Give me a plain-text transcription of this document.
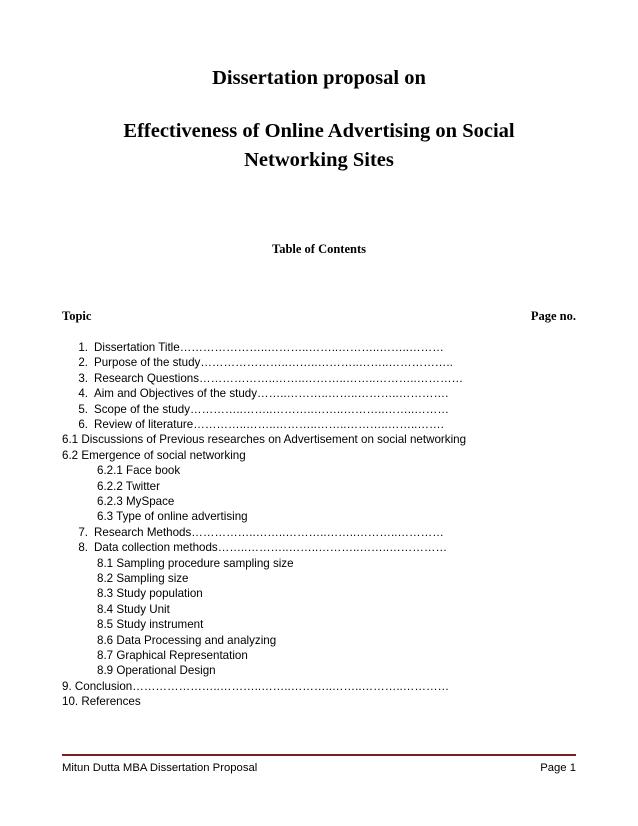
Dissertation proposal on
Effectiveness of Online Advertising on Social Networking Sites
Table of Contents
Topic	Page no.
1. Dissertation Title…………………..………..……..………..……..………
2. Purpose of the study…………………..……..………..……..……………..
3. Research Questions………………..……..………..……..………..…………
4. Aim and Objectives of the study……..………..……..………..………….
5. Scope of the study…………..……..………..……..………..……..………
6. Review of literature…………..……..………..……..………..……..…….
6.1 Discussions of Previous researches on Advertisement on social networking
6.2 Emergence of social networking
6.2.1 Face book
6.2.2 Twitter
6.2.3 MySpace
6.3 Type of online advertising
7. Research Methods……………..……..………..……..………..…………
8. Data collection methods……..………..……..………..……..……………
8.1 Sampling procedure sampling size
8.2 Sampling size
8.3 Study population
8.4 Study Unit
8.5 Study instrument
8.6 Data Processing and analyzing
8.7 Graphical Representation
8.9 Operational Design
9. Conclusion…………………..………..……..………..……..………..…………
10. References
Mitun Dutta MBA Dissertation Proposal	Page 1
